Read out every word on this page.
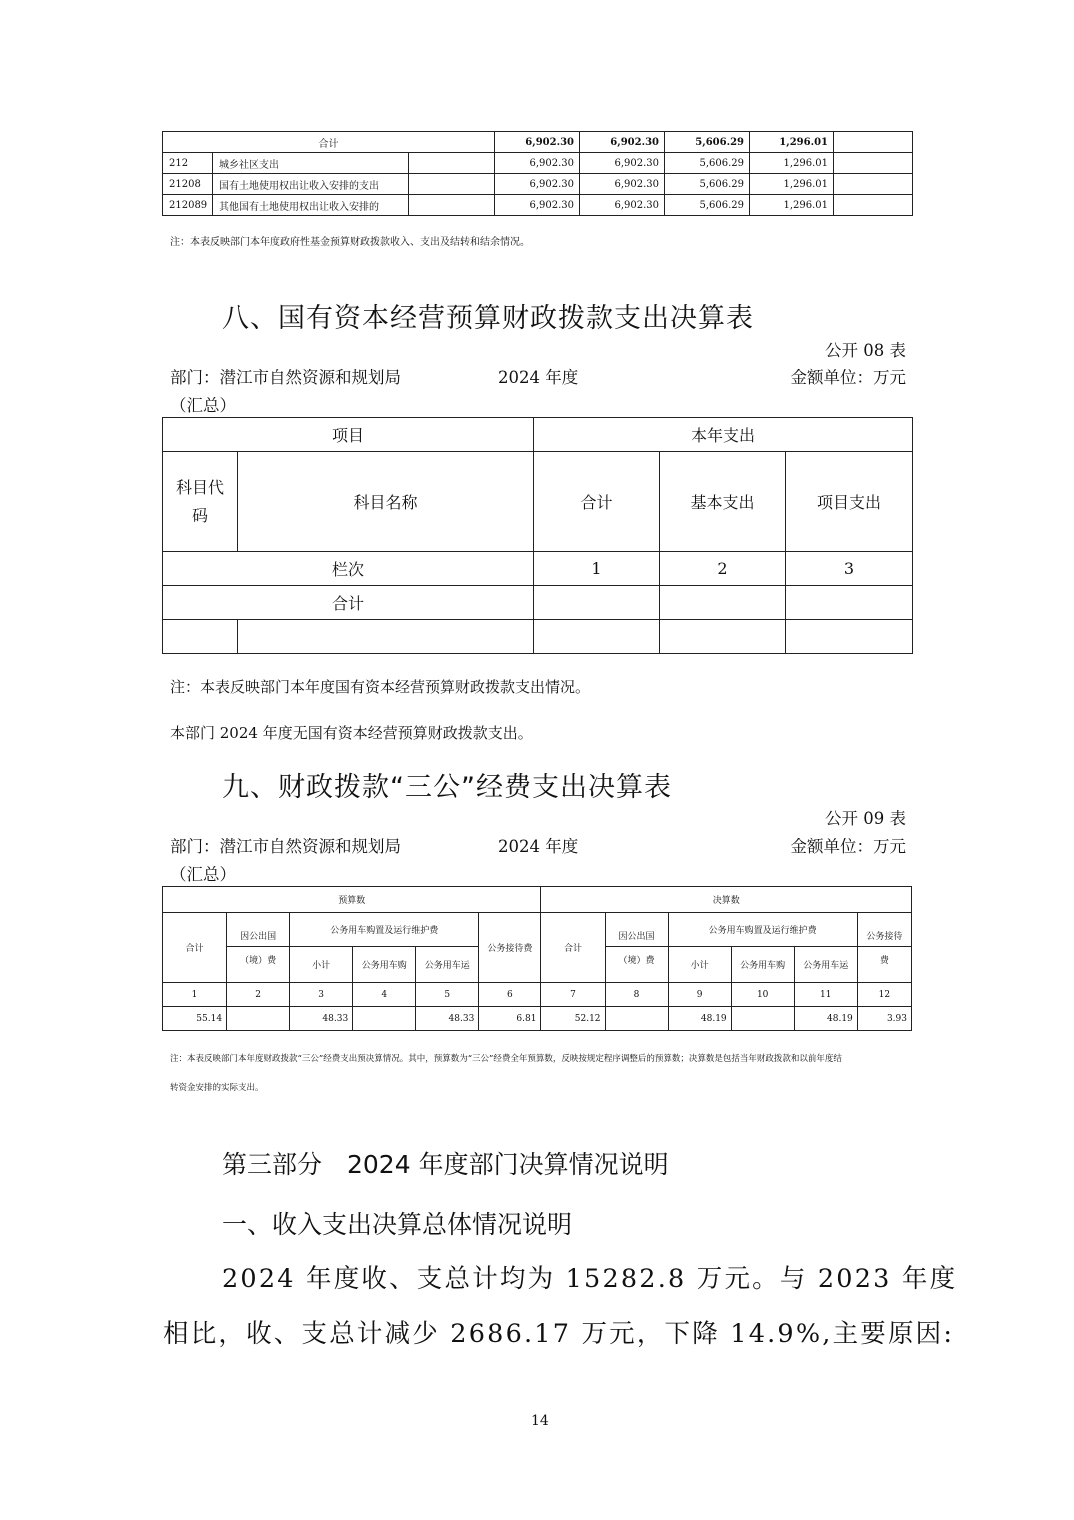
合计			6,902.30	6,902.30	5,606.29	1,296.01	
212	城乡社区支出		6,902.30	6,902.30	5,606.29	1,296.01	
21208	国有土地使用权出让收入安排的支出		6,902.30	6,902.30	5,606.29	1,296.01	
212089	其他国有土地使用权出让收入安排的		6,902.30	6,902.30	5,606.29	1,296.01	
注：本表反映部门本年度政府性基金预算财政拨款收入、支出及结转和结余情况。
八、国有资本经营预算财政拨款支出决算表
公开 08 表
部门：潜江市自然资源和规划局	2024 年度	金额单位：万元
（汇总）
项目		本年支出		
科目代码	科目名称	合计	基本支出	项目支出
栏次		1	2	3
合计				

注：本表反映部门本年度国有资本经营预算财政拨款支出情况。
本部门 2024 年度无国有资本经营预算财政拨款支出。
九、财政拨款“三公”经费支出决算表
公开 09 表
部门：潜江市自然资源和规划局	2024 年度	金额单位：万元
（汇总）
预算数						决算数					
合计	因公出国	公务用车购置及运行维护费			公务接待费	合计	因公出国	公务用车购置及运行维护费			公务接待
	（境）费	小计	公务用车购	公务用车运			（境）费	小计	公务用车购	公务用车运	费
1	2	3	4	5	6	7	8	9	10	11	12
55.14		48.33		48.33	6.81	52.12		48.19		48.19	3.93
注：本表反映部门本年度财政拨款“三公”经费支出预决算情况。其中，预算数为“三公”经费全年预算数，反映按规定程序调整后的预算数；决算数是包括当年财政拨款和以前年度结
转资金安排的实际支出。
第三部分　2024 年度部门决算情况说明
一、收入支出决算总体情况说明
2024 年度收、支总计均为 15282.8 万元。与 2023 年度
相比，收、支总计减少 2686.17 万元，下降 14.9%,主要原因:
14
